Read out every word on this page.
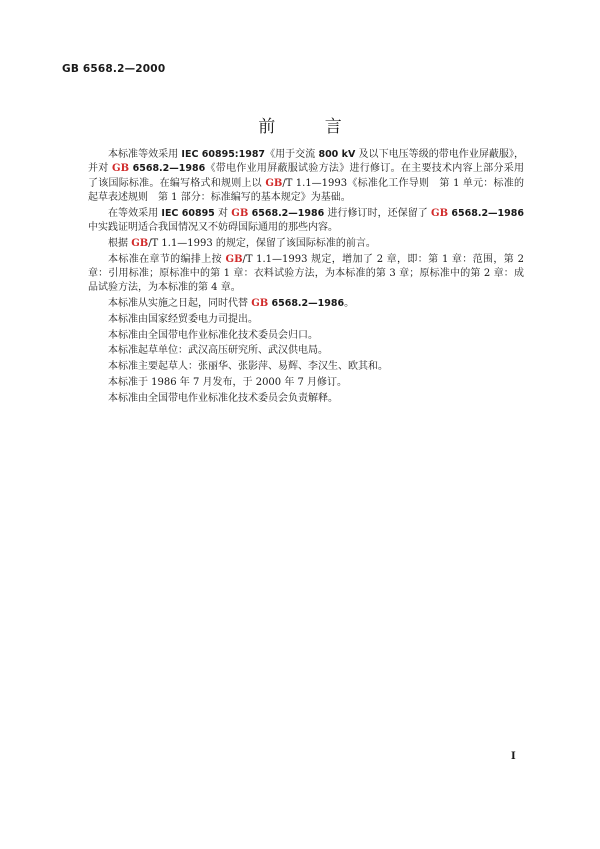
GB 6568.2—2000
前 言

本标准等效采用 IEC 60895:1987《用于交流 800 kV 及以下电压等级的带电作业屏蔽服》，并对 GB 6568.2—1986《带电作业用屏蔽服试验方法》进行修订。在主要技术内容上部分采用了该国际标准。在编写格式和规则上以 GB/T 1.1—1993《标准化工作导则　第 1 单元：标准的起草表述规则　第 1 部分：标准编写的基本规定》为基础。

在等效采用 IEC 60895 对 GB 6568.2—1986 进行修订时，还保留了 GB 6568.2—1986 中实践证明适合我国情况又不妨碍国际通用的那些内容。

根据 GB/T 1.1—1993 的规定，保留了该国际标准的前言。

本标准在章节的编排上按 GB/T 1.1—1993 规定，增加了 2 章，即：第 1 章：范围，第 2 章：引用标准；原标准中的第 1 章：衣料试验方法，为本标准的第 3 章；原标准中的第 2 章：成品试验方法，为本标准的第 4 章。

本标准从实施之日起，同时代替 GB 6568.2—1986。

本标准由国家经贸委电力司提出。

本标准由全国带电作业标准化技术委员会归口。

本标准起草单位：武汉高压研究所、武汉供电局。

本标准主要起草人：张丽华、张影萍、易辉、李汉生、欧其和。

本标准于 1986 年 7 月发布，于 2000 年 7 月修订。

本标准由全国带电作业标准化技术委员会负责解释。

Ⅰ
